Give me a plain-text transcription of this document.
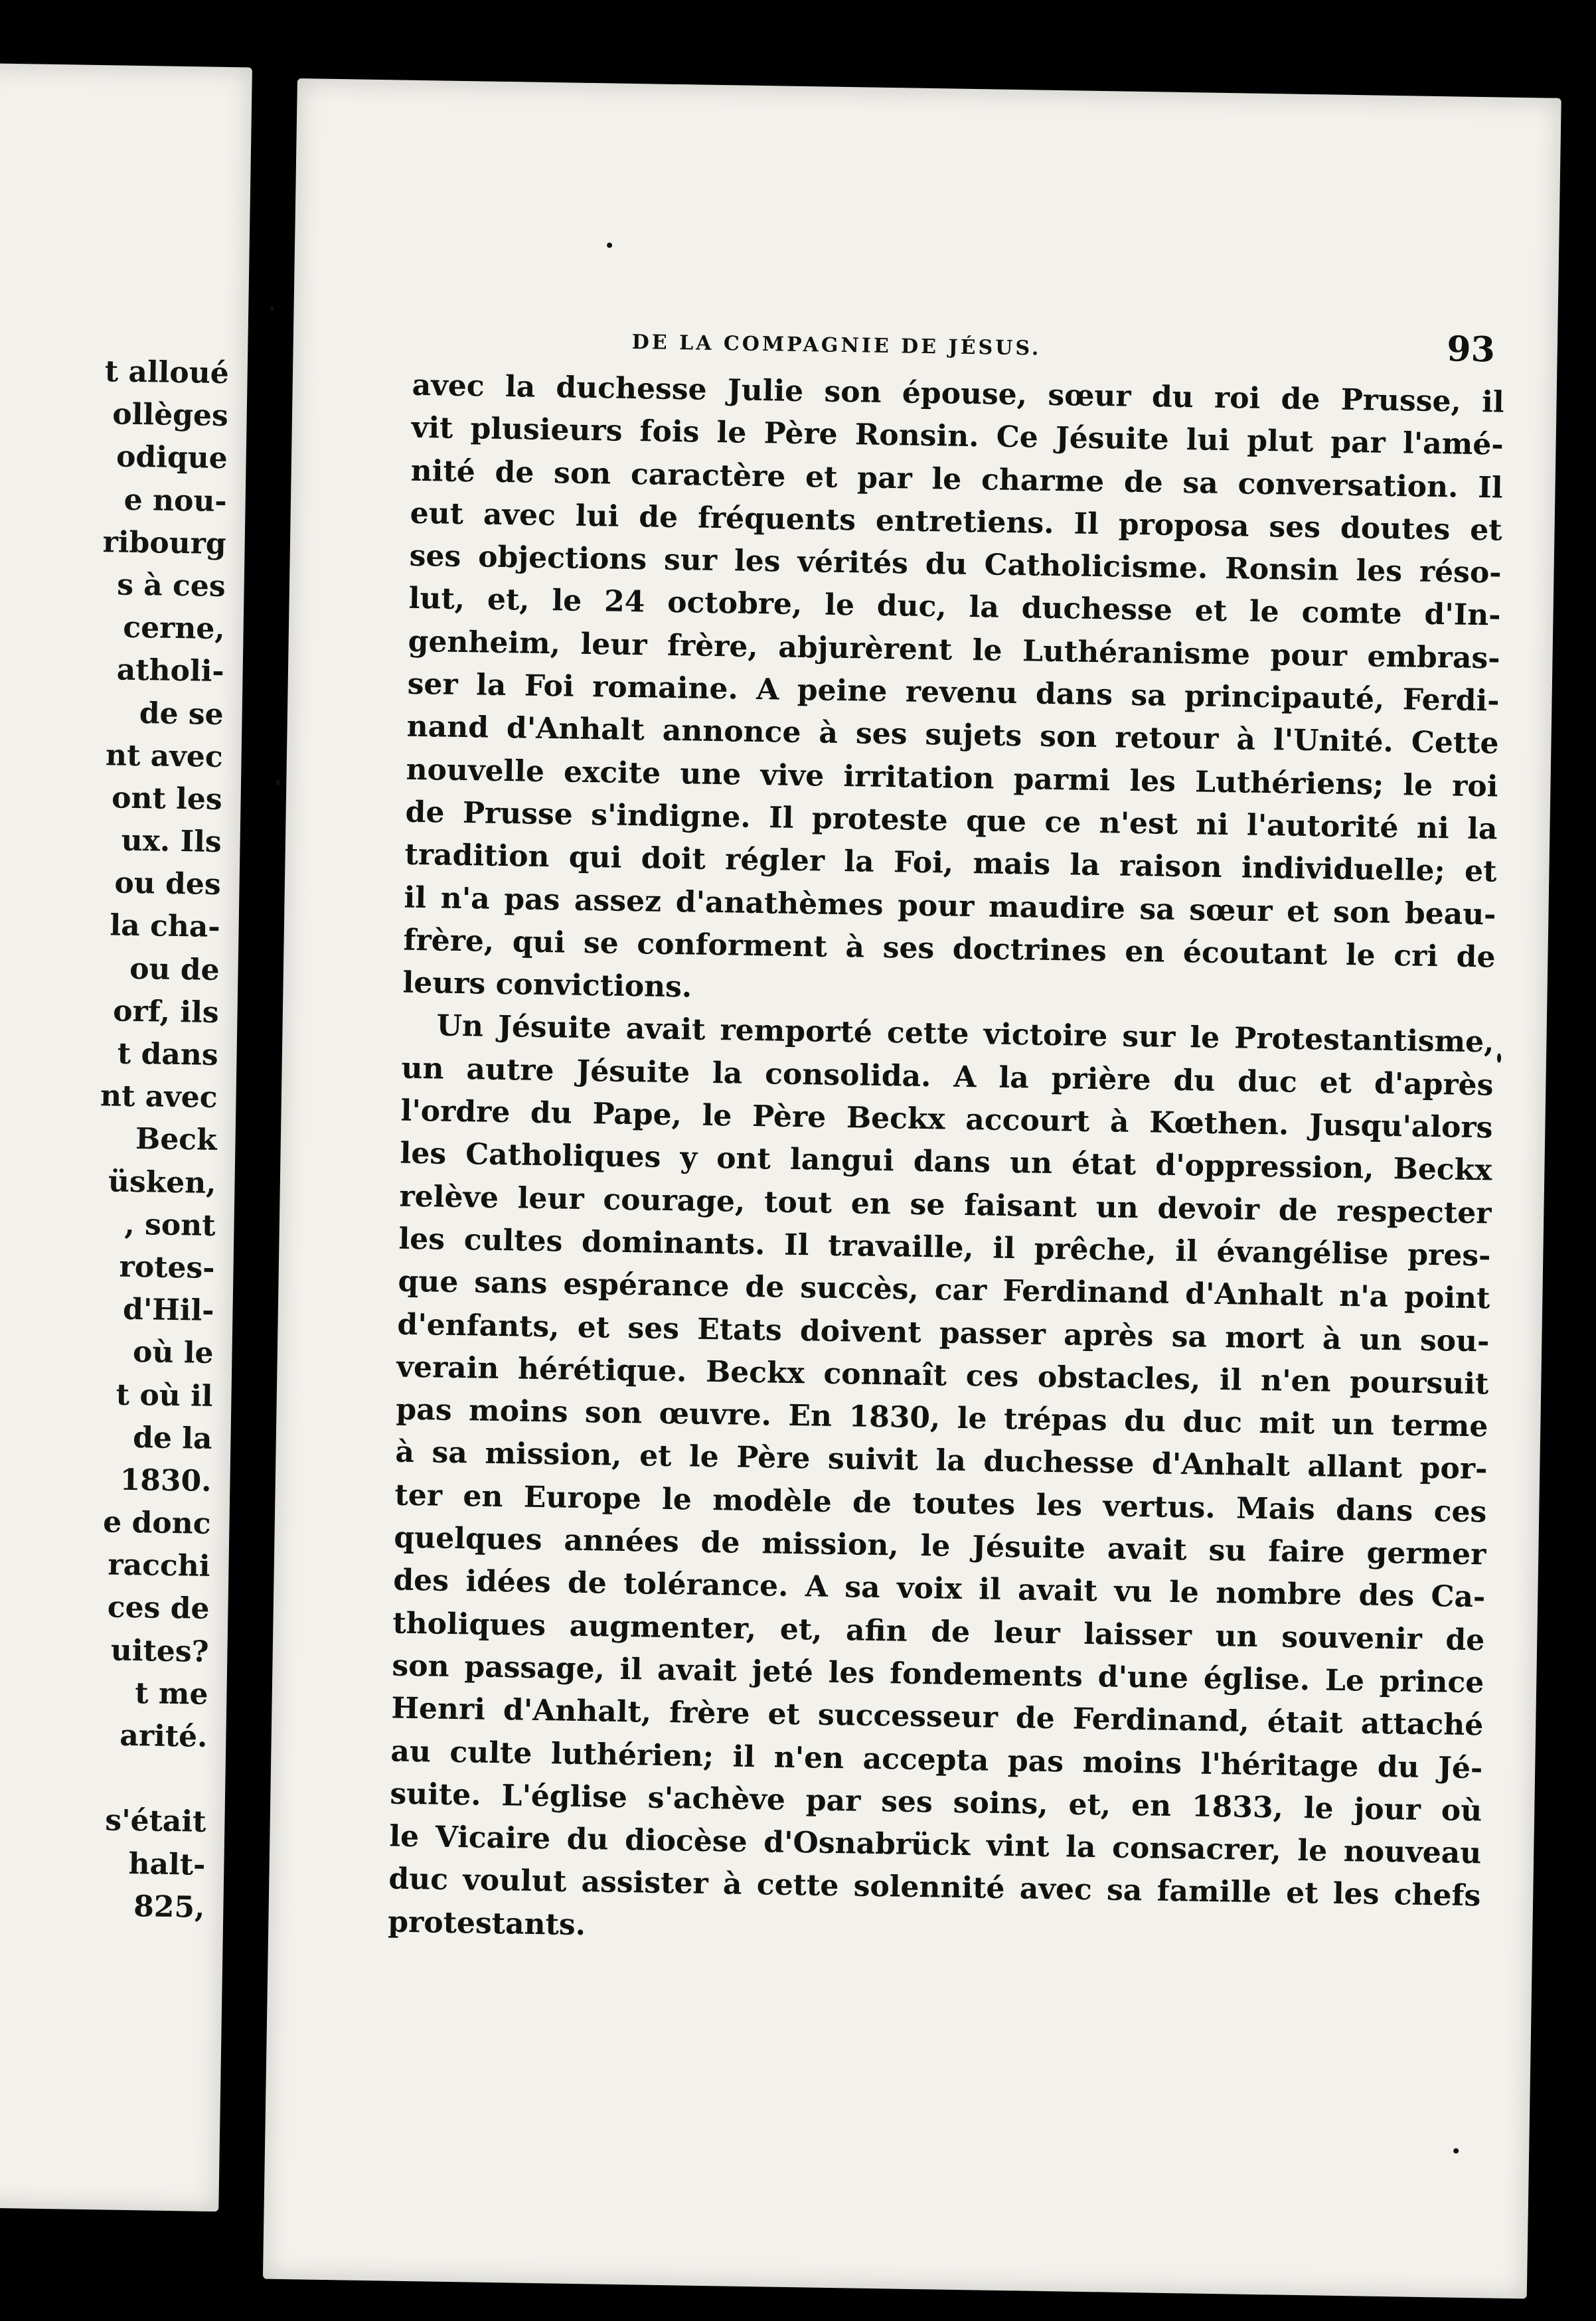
t alloué
ollèges
odique
e nou-
ribourg
s à ces
cerne,
atholi-
de se
nt avec
ont les
ux. Ils
ou des
la cha-
ou de
orf, ils
t dans
nt avec
Beck
üsken,
, sont
rotes-
d'Hil-
où le
t où il
de la
1830.
e donc
racchi
ces de
uites?
t me
arité.
s'était
halt-
825,
DE LA COMPAGNIE DE JÉSUS.	93
avec la duchesse Julie son épouse, sœur du roi de Prusse, il
vit plusieurs fois le Père Ronsin. Ce Jésuite lui plut par l'amé-
nité de son caractère et par le charme de sa conversation. Il
eut avec lui de fréquents entretiens. Il proposa ses doutes et
ses objections sur les vérités du Catholicisme. Ronsin les réso-
lut, et, le 24 octobre, le duc, la duchesse et le comte d'In-
genheim, leur frère, abjurèrent le Luthéranisme pour embras-
ser la Foi romaine. A peine revenu dans sa principauté, Ferdi-
nand d'Anhalt annonce à ses sujets son retour à l'Unité. Cette
nouvelle excite une vive irritation parmi les Luthériens; le roi
de Prusse s'indigne. Il proteste que ce n'est ni l'autorité ni la
tradition qui doit régler la Foi, mais la raison individuelle; et
il n'a pas assez d'anathèmes pour maudire sa sœur et son beau-
frère, qui se conforment à ses doctrines en écoutant le cri de
leurs convictions.
Un Jésuite avait remporté cette victoire sur le Protestantisme,
un autre Jésuite la consolida. A la prière du duc et d'après
l'ordre du Pape, le Père Beckx accourt à Kœthen. Jusqu'alors
les Catholiques y ont langui dans un état d'oppression, Beckx
relève leur courage, tout en se faisant un devoir de respecter
les cultes dominants. Il travaille, il prêche, il évangélise pres-
que sans espérance de succès, car Ferdinand d'Anhalt n'a point
d'enfants, et ses Etats doivent passer après sa mort à un sou-
verain hérétique. Beckx connaît ces obstacles, il n'en poursuit
pas moins son œuvre. En 1830, le trépas du duc mit un terme
à sa mission, et le Père suivit la duchesse d'Anhalt allant por-
ter en Europe le modèle de toutes les vertus. Mais dans ces
quelques années de mission, le Jésuite avait su faire germer
des idées de tolérance. A sa voix il avait vu le nombre des Ca-
tholiques augmenter, et, afin de leur laisser un souvenir de
son passage, il avait jeté les fondements d'une église. Le prince
Henri d'Anhalt, frère et successeur de Ferdinand, était attaché
au culte luthérien; il n'en accepta pas moins l'héritage du Jé-
suite. L'église s'achève par ses soins, et, en 1833, le jour où
le Vicaire du diocèse d'Osnabrück vint la consacrer, le nouveau
duc voulut assister à cette solennité avec sa famille et les chefs
protestants.
